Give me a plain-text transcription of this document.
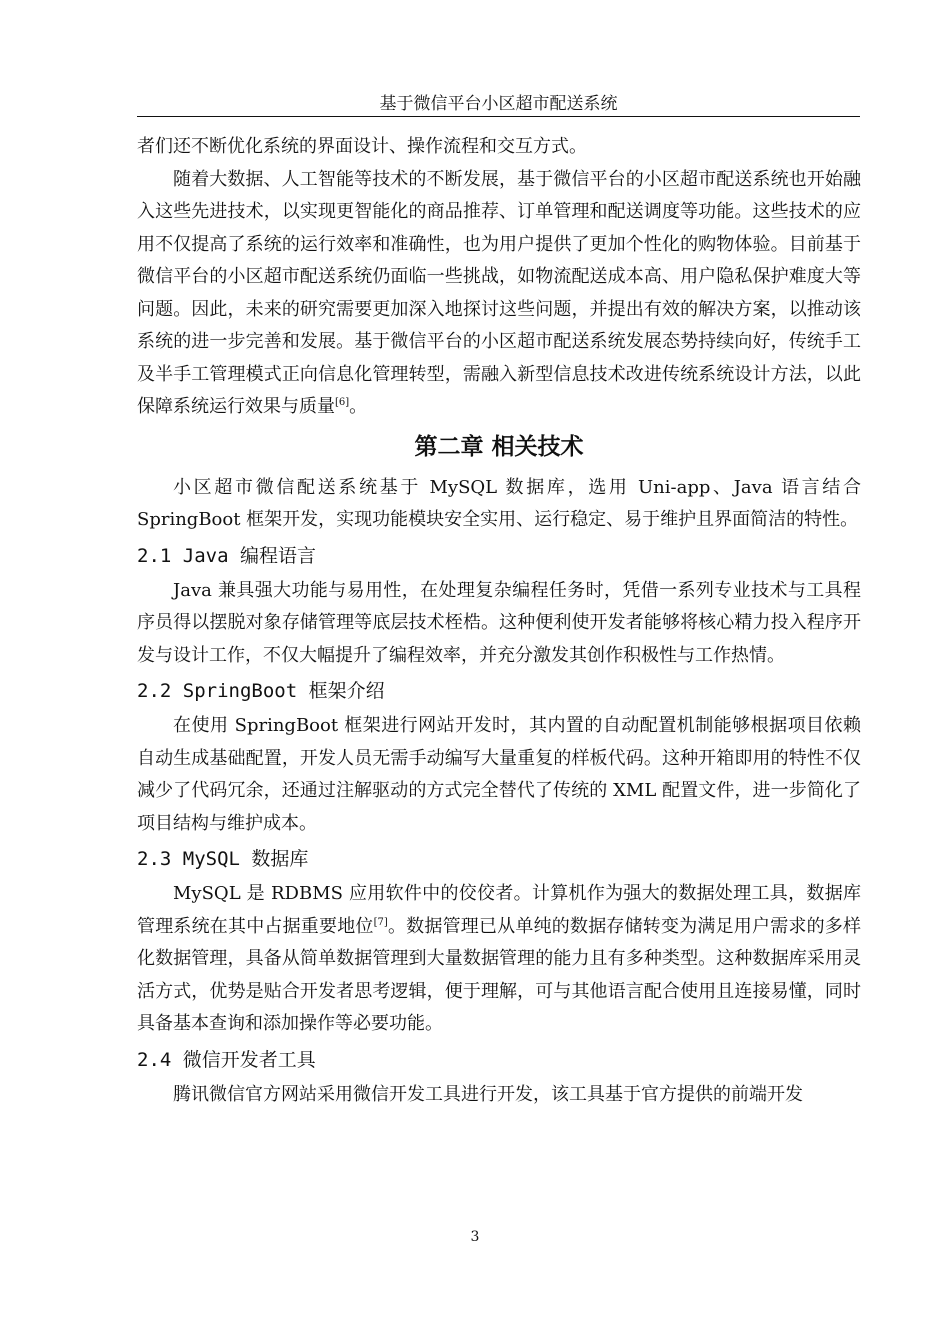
基于微信平台小区超市配送系统

者们还不断优化系统的界面设计、操作流程和交互方式。

随着大数据、人工智能等技术的不断发展，基于微信平台的小区超市配送系统也开始融入这些先进技术，以实现更智能化的商品推荐、订单管理和配送调度等功能。这些技术的应用不仅提高了系统的运行效率和准确性，也为用户提供了更加个性化的购物体验。目前基于微信平台的小区超市配送系统仍面临一些挑战，如物流配送成本高、用户隐私保护难度大等问题。因此，未来的研究需要更加深入地探讨这些问题，并提出有效的解决方案，以推动该系统的进一步完善和发展。基于微信平台的小区超市配送系统发展态势持续向好，传统手工及半手工管理模式正向信息化管理转型，需融入新型信息技术改进传统系统设计方法，以此保障系统运行效果与质量[6]。

第二章 相关技术

小区超市微信配送系统基于 MySQL 数据库，选用 Uni-app、Java 语言结合 SpringBoot 框架开发，实现功能模块安全实用、运行稳定、易于维护且界面简洁的特性。

2.1 Java 编程语言

Java 兼具强大功能与易用性，在处理复杂编程任务时，凭借一系列专业技术与工具程序员得以摆脱对象存储管理等底层技术桎梏。这种便利使开发者能够将核心精力投入程序开发与设计工作，不仅大幅提升了编程效率，并充分激发其创作积极性与工作热情。

2.2 SpringBoot 框架介绍

在使用 SpringBoot 框架进行网站开发时，其内置的自动配置机制能够根据项目依赖自动生成基础配置，开发人员无需手动编写大量重复的样板代码。这种开箱即用的特性不仅减少了代码冗余，还通过注解驱动的方式完全替代了传统的 XML 配置文件，进一步简化了项目结构与维护成本。

2.3 MySQL 数据库

MySQL 是 RDBMS 应用软件中的佼佼者。计算机作为强大的数据处理工具，数据库管理系统在其中占据重要地位[7]。数据管理已从单纯的数据存储转变为满足用户需求的多样化数据管理，具备从简单数据管理到大量数据管理的能力且有多种类型。这种数据库采用灵活方式，优势是贴合开发者思考逻辑，便于理解，可与其他语言配合使用且连接易懂，同时具备基本查询和添加操作等必要功能。

2.4 微信开发者工具

腾讯微信官方网站采用微信开发工具进行开发，该工具基于官方提供的前端开发

3
